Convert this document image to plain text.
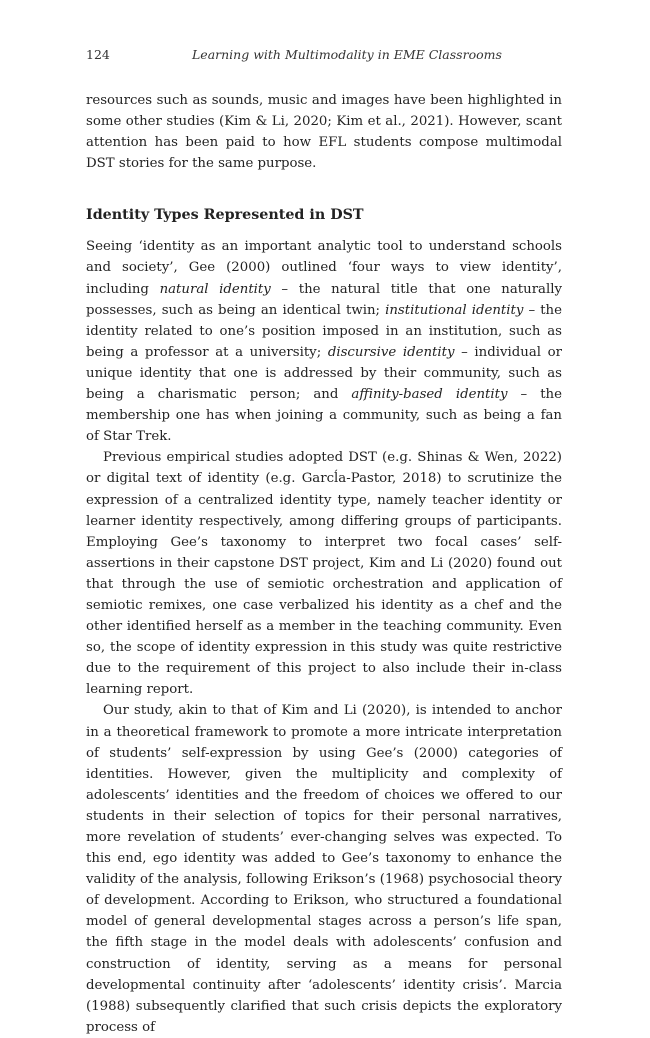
124	Learning with Multimodality in EME Classrooms

resources such as sounds, music and images have been highlighted in some other studies (Kim & Li, 2020; Kim et al., 2021). However, scant attention has been paid to how EFL students compose multimodal DST stories for the same purpose.

Identity Types Represented in DST

Seeing ‘identity as an important analytic tool to understand schools and society’, Gee (2000) outlined ‘four ways to view identity’, including natural identity – the natural title that one naturally possesses, such as being an identical twin; institutional identity – the identity related to one’s position imposed in an institution, such as being a professor at a university; discursive identity – individual or unique identity that one is addressed by their community, such as being a charismatic person; and affinity-based identity – the membership one has when joining a community, such as being a fan of Star Trek.

Previous empirical studies adopted DST (e.g. Shinas & Wen, 2022) or digital text of identity (e.g. Garcĺa-Pastor, 2018) to scrutinize the expression of a centralized identity type, namely teacher identity or learner identity respectively, among differing groups of participants. Employing Gee’s taxonomy to interpret two focal cases’ self-assertions in their capstone DST project, Kim and Li (2020) found out that through the use of semiotic orchestration and application of semiotic remixes, one case verbalized his identity as a chef and the other identified herself as a member in the teaching community. Even so, the scope of identity expression in this study was quite restrictive due to the requirement of this project to also include their in-class learning report.

Our study, akin to that of Kim and Li (2020), is intended to anchor in a theoretical framework to promote a more intricate interpretation of students’ self-expression by using Gee’s (2000) categories of identities. However, given the multiplicity and complexity of adolescents’ identities and the freedom of choices we offered to our students in their selection of topics for their personal narratives, more revelation of students’ ever-changing selves was expected. To this end, ego identity was added to Gee’s taxonomy to enhance the validity of the analysis, following Erikson’s (1968) psychosocial theory of development. According to Erikson, who structured a foundational model of general developmental stages across a person’s life span, the fifth stage in the model deals with adolescents’ confusion and construction of identity, serving as a means for personal developmental continuity after ‘adolescents’ identity crisis’. Marcia (1988) subsequently clarified that such crisis depicts the exploratory process of
